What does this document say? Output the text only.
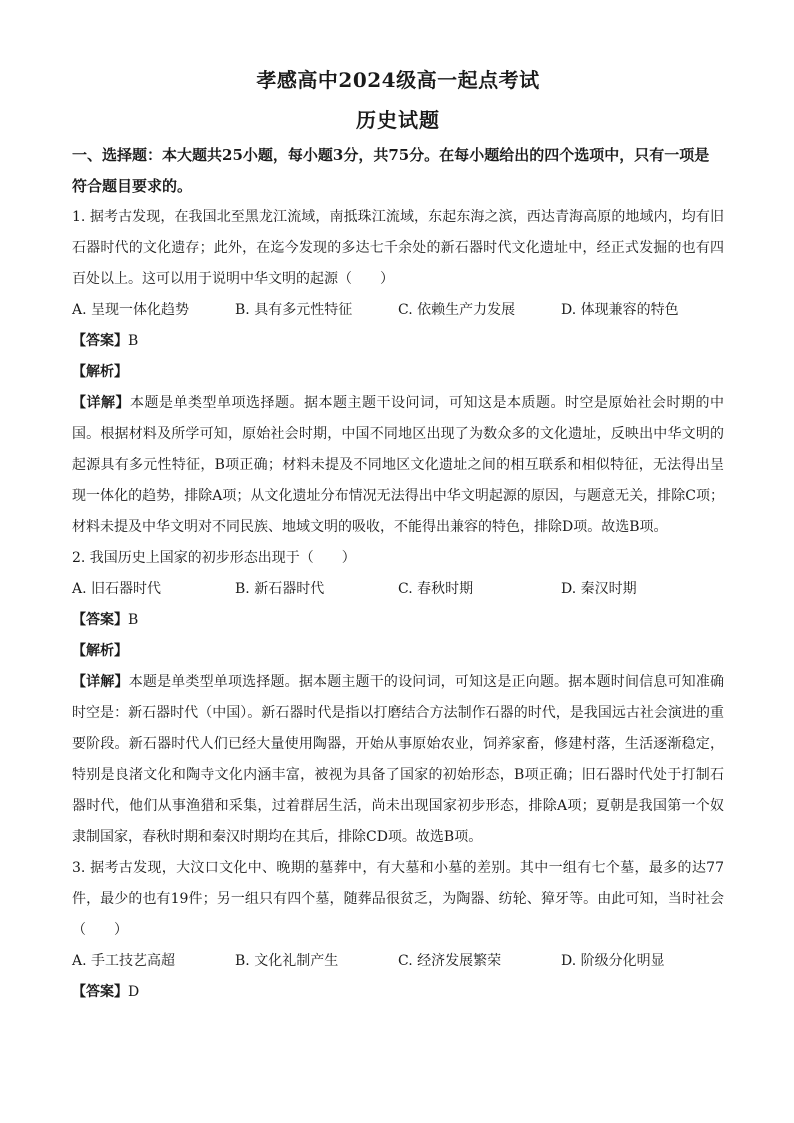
孝感高中2024级高一起点考试
历史试题

一、选择题：本大题共25小题，每小题3分，共75分。在每小题给出的四个选项中，只有一项是符合题目要求的。

1. 据考古发现，在我国北至黑龙江流域，南抵珠江流域，东起东海之滨，西达青海高原的地域内，均有旧石器时代的文化遗存；此外，在迄今发现的多达七千余处的新石器时代文化遗址中，经正式发掘的也有四百处以上。这可以用于说明中华文明的起源（　　）

A. 呈现一体化趋势	B. 具有多元性特征	C. 依赖生产力发展	D. 体现兼容的特色

【答案】B

【解析】

【详解】本题是单类型单项选择题。据本题主题干设问词，可知这是本质题。时空是原始社会时期的中国。根据材料及所学可知，原始社会时期，中国不同地区出现了为数众多的文化遗址，反映出中华文明的起源具有多元性特征，B项正确；材料未提及不同地区文化遗址之间的相互联系和相似特征，无法得出呈现一体化的趋势，排除A项；从文化遗址分布情况无法得出中华文明起源的原因，与题意无关，排除C项；材料未提及中华文明对不同民族、地域文明的吸收，不能得出兼容的特色，排除D项。故选B项。

2. 我国历史上国家的初步形态出现于（　　）

A. 旧石器时代	B. 新石器时代	C. 春秋时期	D. 秦汉时期

【答案】B

【解析】

【详解】本题是单类型单项选择题。据本题主题干的设问词，可知这是正向题。据本题时间信息可知准确时空是：新石器时代（中国）。新石器时代是指以打磨结合方法制作石器的时代，是我国远古社会演进的重要阶段。新石器时代人们已经大量使用陶器，开始从事原始农业，饲养家畜，修建村落，生活逐渐稳定，特别是良渚文化和陶寺文化内涵丰富，被视为具备了国家的初始形态，B项正确；旧石器时代处于打制石器时代，他们从事渔猎和采集，过着群居生活，尚未出现国家初步形态，排除A项；夏朝是我国第一个奴隶制国家，春秋时期和秦汉时期均在其后，排除CD项。故选B项。

3. 据考古发现，大汶口文化中、晚期的墓葬中，有大墓和小墓的差别。其中一组有七个墓，最多的达77件，最少的也有19件；另一组只有四个墓，随葬品很贫乏，为陶器、纺轮、獐牙等。由此可知，当时社会（　　）

A. 手工技艺高超	B. 文化礼制产生	C. 经济发展繁荣	D. 阶级分化明显

【答案】D
